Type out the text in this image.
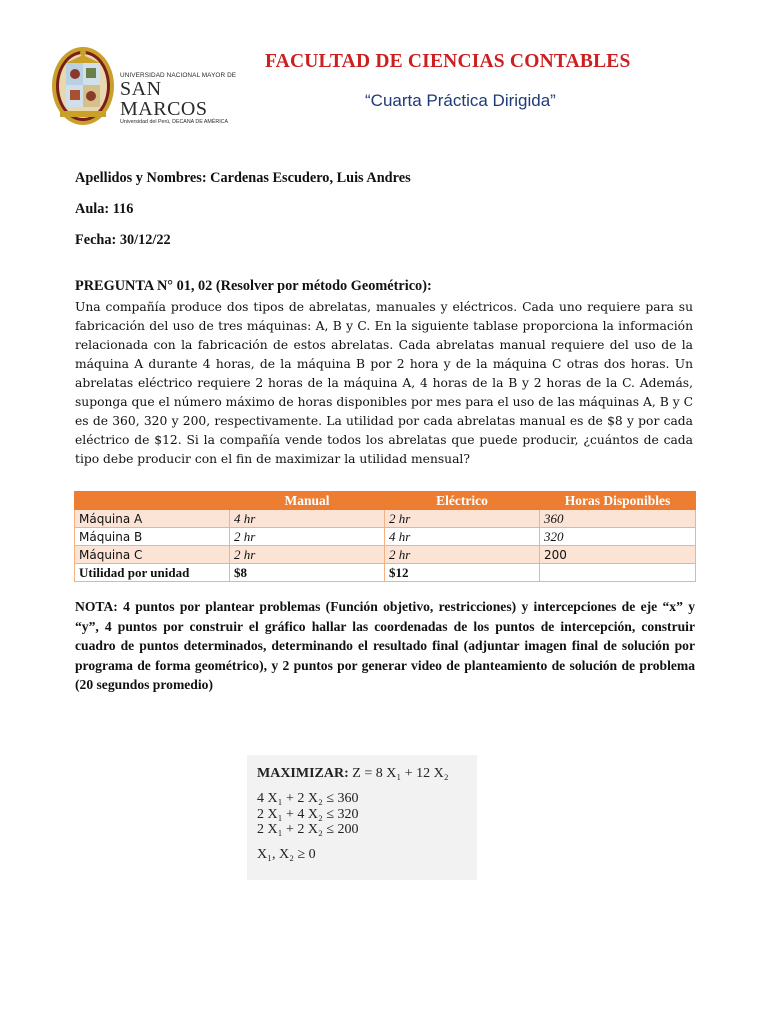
UNIVERSIDAD NACIONAL MAYOR DE
SAN MARCOS
Universidad del Perú, DECANA DE AMÉRICA
FACULTAD DE CIENCIAS CONTABLES
“Cuarta Práctica Dirigida”
Apellidos y Nombres: Cardenas Escudero, Luis Andres
Aula: 116
Fecha: 30/12/22
PREGUNTA N° 01, 02 (Resolver por método Geométrico):
Una compañía produce dos tipos de abrelatas, manuales y eléctricos. Cada uno requiere para su fabricación del uso de tres máquinas: A, B y C. En la siguiente tablase proporciona la información relacionada con la fabricación de estos abrelatas. Cada abrelatas manual requiere del uso de la máquina A durante 4 horas, de la máquina B por 2 hora y de la máquina C otras dos horas. Un abrelatas eléctrico requiere 2 horas de la máquina A, 4 horas de la B y 2 horas de la C. Además, suponga que el número máximo de horas disponibles por mes para el uso de las máquinas A, B y C es de 360, 320 y 200, respectivamente. La utilidad por cada abrelatas manual es de $8 y por cada eléctrico de $12. Si la compañía vende todos los abrelatas que puede producir, ¿cuántos de cada tipo debe producir con el fin de maximizar la utilidad mensual?
	Manual	Eléctrico	Horas Disponibles
Máquina A	4 hr	2 hr	360
Máquina B	2 hr	4 hr	320
Máquina C	2 hr	2 hr	200
Utilidad por unidad	$8	$12	
NOTA: 4 puntos por plantear problemas (Función objetivo, restricciones) y intercepciones de eje “x” y “y”, 4 puntos por construir el gráfico hallar las coordenadas de los puntos de intercepción, construir cuadro de puntos determinados, determinando el resultado final (adjuntar imagen final de solución por programa de forma geométrico), y 2 puntos por generar video de planteamiento de solución de problema (20 segundos promedio)
MAXIMIZAR: Z = 8 X₁ + 12 X₂
4 X₁ + 2 X₂ ≤ 360
2 X₁ + 4 X₂ ≤ 320
2 X₁ + 2 X₂ ≤ 200
X₁, X₂ ≥ 0
